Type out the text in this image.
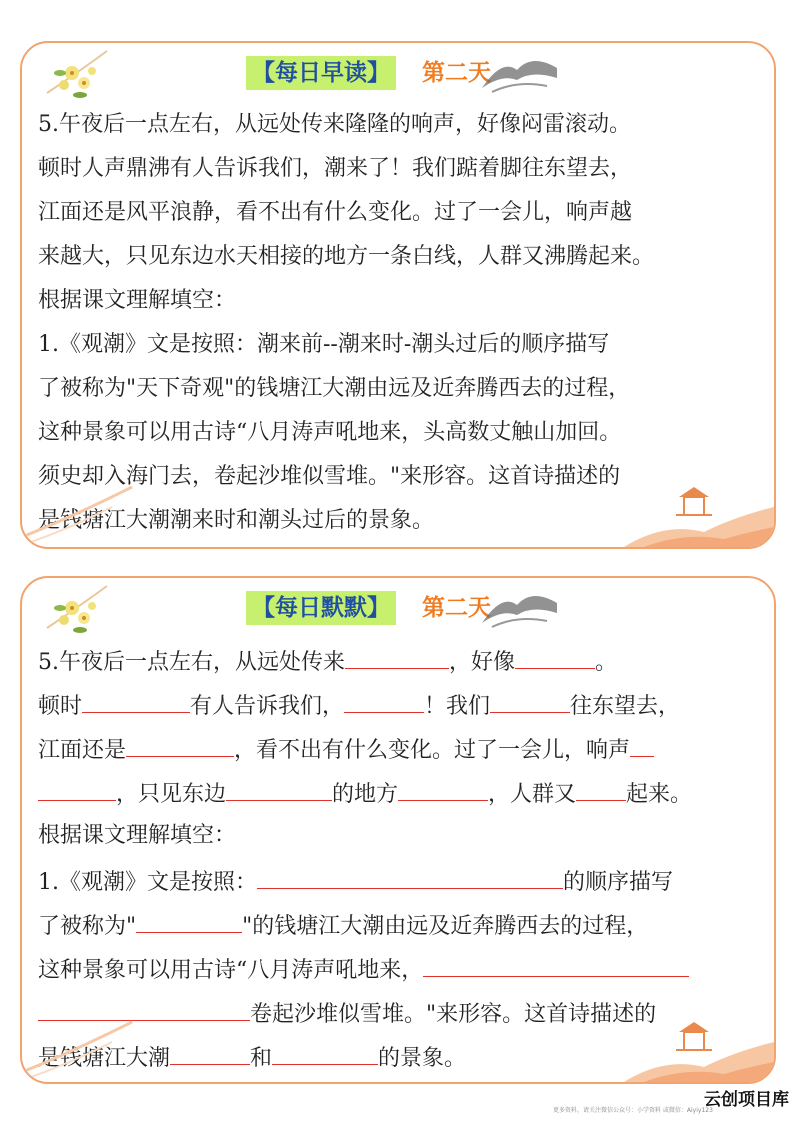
【每日早读】 第二天
5.午夜后一点左右，从远处传来隆隆的响声，好像闷雷滚动。
顿时人声鼎沸有人告诉我们，潮来了！我们踮着脚往东望去，
江面还是风平浪静，看不出有什么变化。过了一会儿，响声越
来越大，只见东边水天相接的地方一条白线，人群又沸腾起来。
根据课文理解填空：
1.《观潮》文是按照：潮来前--潮来时-潮头过后的顺序描写
了被称为"天下奇观"的钱塘江大潮由远及近奔腾西去的过程，
这种景象可以用古诗“八月涛声吼地来，头高数丈触山加回。
须史却入海门去，卷起沙堆似雪堆。"来形容。这首诗描述的
是钱塘江大潮潮来时和潮头过后的景象。
【每日默默】 第二天
5.午夜后一点左右，从远处传来	，好像	。
顿时	有人告诉我们，	！我们	往东望去，
江面还是	，看不出有什么变化。过了一会儿，响声
，只见东边	的地方	，人群又 起来。
根据课文理解填空：
1.《观潮》文是按照：	的顺序描写
了被称为"	"的钱塘江大潮由远及近奔腾西去的过程，
这种景象可以用古诗“八月涛声吼地来，
卷起沙堆似雪堆。"来形容。这首诗描述的
是钱塘江大潮	和	的景象。
云创项目库
更多资料，请关注微信公众号：小学资料 或微信：Aiyiy123
